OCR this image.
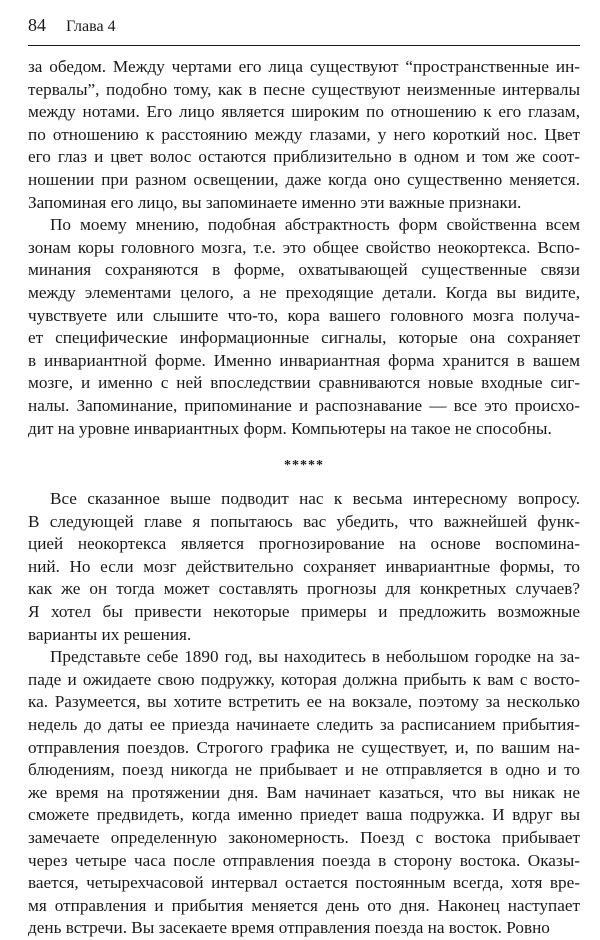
84 Глава 4

за обедом. Между чертами его лица существуют “пространственные ин-
тервалы”, подобно тому, как в песне существуют неизменные интервалы
между нотами. Его лицо является широким по отношению к его глазам,
по отношению к расстоянию между глазами, у него короткий нос. Цвет
его глаз и цвет волос остаются приблизительно в одном и том же соот-
ношении при разном освещении, даже когда оно существенно меняется.
Запоминая его лицо, вы запоминаете именно эти важные признаки.

По моему мнению, подобная абстрактность форм свойственна всем
зонам коры головного мозга, т.е. это общее свойство неокортекса. Вспо-
минания сохраняются в форме, охватывающей существенные связи
между элементами целого, а не преходящие детали. Когда вы видите,
чувствуете или слышите что-то, кора вашего головного мозга получа-
ет специфические информационные сигналы, которые она сохраняет
в инвариантной форме. Именно инвариантная форма хранится в вашем
мозге, и именно с ней впоследствии сравниваются новые входные сиг-
налы. Запоминание, припоминание и распознавание — все это происхо-
дит на уровне инвариантных форм. Компьютеры на такое не способны.

*****

Все сказанное выше подводит нас к весьма интересному вопросу.
В следующей главе я попытаюсь вас убедить, что важнейшей функ-
цией неокортекса является прогнозирование на основе воспомина-
ний. Но если мозг действительно сохраняет инвариантные формы, то
как же он тогда может составлять прогнозы для конкретных случаев?
Я хотел бы привести некоторые примеры и предложить возможные
варианты их решения.

Представьте себе 1890 год, вы находитесь в небольшом городке на за-
паде и ожидаете свою подружку, которая должна прибыть к вам с восто-
ка. Разумеется, вы хотите встретить ее на вокзале, поэтому за несколько
недель до даты ее приезда начинаете следить за расписанием прибытия-
отправления поездов. Строгого графика не существует, и, по вашим на-
блюдениям, поезд никогда не прибывает и не отправляется в одно и то
же время на протяжении дня. Вам начинает казаться, что вы никак не
сможете предвидеть, когда именно приедет ваша подружка. И вдруг вы
замечаете определенную закономерность. Поезд с востока прибывает
через четыре часа после отправления поезда в сторону востока. Оказы-
вается, четырехчасовой интервал остается постоянным всегда, хотя вре-
мя отправления и прибытия меняется день ото дня. Наконец наступает
день встречи. Вы засекаете время отправления поезда на восток. Ровно
